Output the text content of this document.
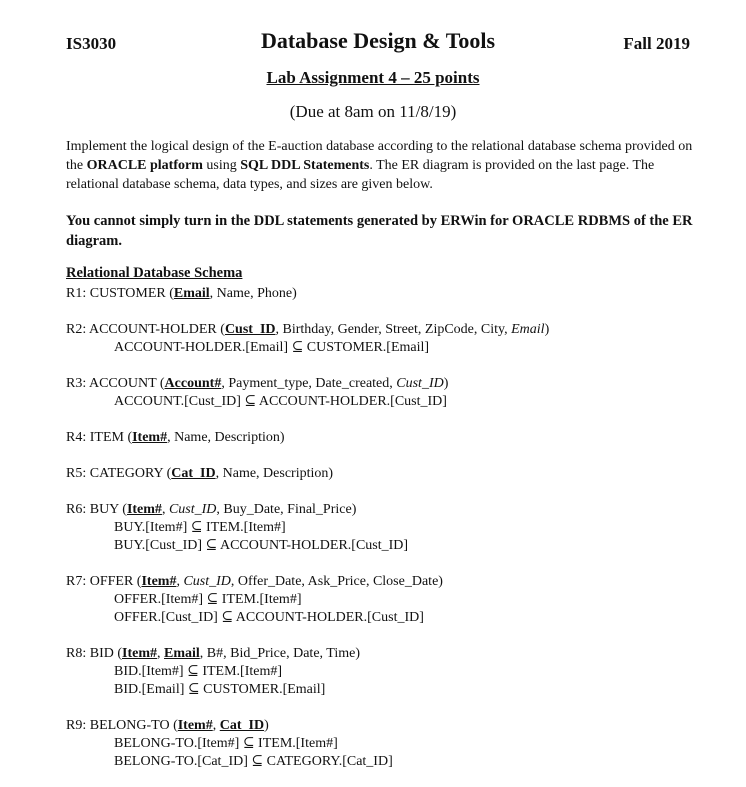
IS3030	Database Design & Tools	Fall 2019
Lab Assignment 4 – 25 points
(Due at 8am on 11/8/19)
Implement the logical design of the E-auction database according to the relational database schema provided on the ORACLE platform using SQL DDL Statements. The ER diagram is provided on the last page. The relational database schema, data types, and sizes are given below.
You cannot simply turn in the DDL statements generated by ERWin for ORACLE RDBMS of the ER diagram.
Relational Database Schema
R1: CUSTOMER (Email, Name, Phone)
R2: ACCOUNT-HOLDER (Cust_ID, Birthday, Gender, Street, ZipCode, City, Email)
ACCOUNT-HOLDER.[Email] ⊆ CUSTOMER.[Email]
R3: ACCOUNT (Account#, Payment_type, Date_created, Cust_ID)
ACCOUNT.[Cust_ID] ⊆ ACCOUNT-HOLDER.[Cust_ID]
R4: ITEM (Item#, Name, Description)
R5: CATEGORY (Cat_ID, Name, Description)
R6: BUY (Item#, Cust_ID, Buy_Date, Final_Price)
BUY.[Item#] ⊆ ITEM.[Item#]
BUY.[Cust_ID] ⊆ ACCOUNT-HOLDER.[Cust_ID]
R7: OFFER (Item#, Cust_ID, Offer_Date, Ask_Price, Close_Date)
OFFER.[Item#] ⊆ ITEM.[Item#]
OFFER.[Cust_ID] ⊆ ACCOUNT-HOLDER.[Cust_ID]
R8: BID (Item#, Email, B#, Bid_Price, Date, Time)
BID.[Item#] ⊆ ITEM.[Item#]
BID.[Email] ⊆ CUSTOMER.[Email]
R9: BELONG-TO (Item#, Cat_ID)
BELONG-TO.[Item#] ⊆ ITEM.[Item#]
BELONG-TO.[Cat_ID] ⊆ CATEGORY.[Cat_ID]
